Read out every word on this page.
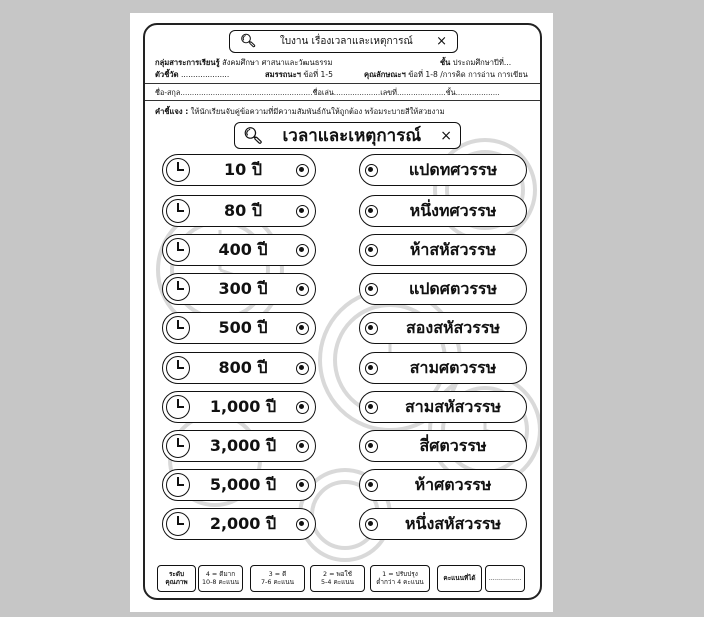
🔍︎	ใบงาน เรื่องเวลาและเหตุการณ์	×
กลุ่มสาระการเรียนรู้ สังคมศึกษา ศาสนาและวัฒนธรรม	ชั้น ประถมศึกษาปีที่...
ตัวชี้วัด ....................	สมรรถนะฯ ข้อที่ 1-5	คุณลักษณะฯ ข้อที่ 1-8 /การคิด การอ่าน การเขียน
ชื่อ-สกุล.........................................................ชื่อเล่น....................เลขที่.....................ชั้น...................
คำชี้แจง : ให้นักเรียนจับคู่ข้อความที่มีความสัมพันธ์กันให้ถูกต้อง พร้อมระบายสีให้สวยงาม
🔍︎	เวลาและเหตุการณ์	×
10 ปี
80 ปี
400 ปี
300 ปี
500 ปี
800 ปี
1,000 ปี
3,000 ปี
5,000 ปี
2,000 ปี
แปดทศวรรษ
หนึ่งทศวรรษ
ห้าสหัสวรรษ
แปดศตวรรษ
สองสหัสวรรษ
สามศตวรรษ
สามสหัสวรรษ
สี่ศตวรรษ
ห้าศตวรรษ
หนึ่งสหัสวรรษ
ระดับ คุณภาพ
4 = ดีมาก
10-8 คะแนน
3 = ดี
7-6 คะแนน
2 = พอใช้
5-4 คะแนน
1 = ปรับปรุง
ต่ำกว่า 4 คะแนน	คะแนนที่ได้	................
